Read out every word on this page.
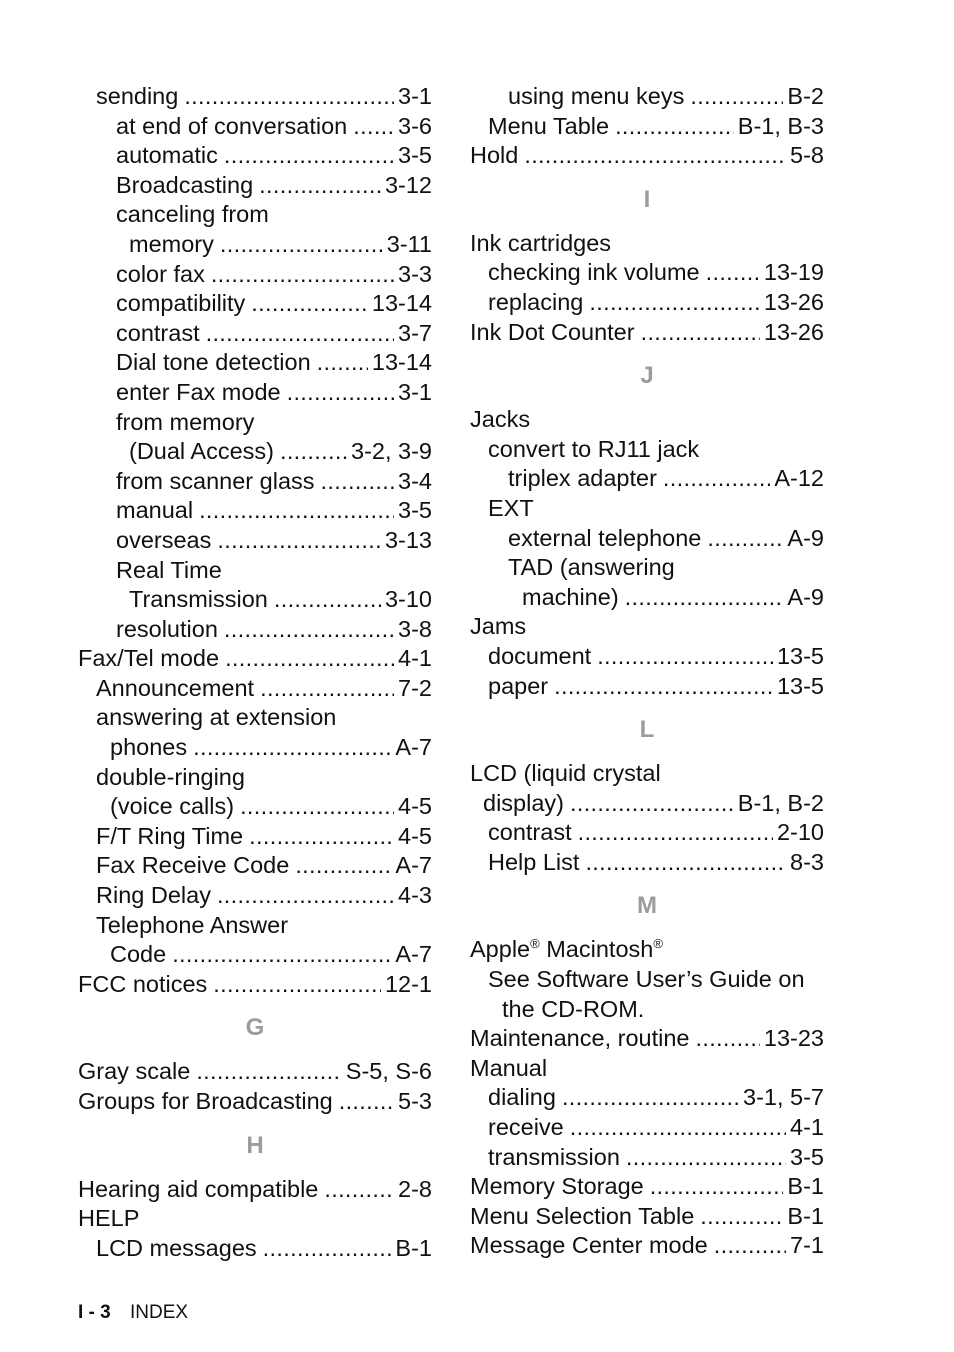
sending . . .	3-1
at end of conversation . . . 3-6
automatic . . .	3-5
Broadcasting . . .	3-12
canceling from
memory . . .	3-11
color fax . . .	3-3
compatibility . . .	13-14
contrast . . .	3-7
Dial tone detection . . .	13-14
enter Fax mode . . .	3-1
from memory
(Dual Access) . . .	3-2, 3-9
from scanner glass . . .	3-4
manual . . .	3-5
overseas . . .	3-13
Real Time
Transmission . . .	3-10
resolution . . .	3-8
Fax/Tel mode . . .	4-1
Announcement . . .	7-2
answering at extension
phones . . .	A-7
double-ringing
(voice calls) . . .	4-5
F/T Ring Time . . .	4-5
Fax Receive Code . . .	A-7
Ring Delay . . .	4-3
Telephone Answer
Code . . .	A-7
FCC notices . . .	12-1
G
Gray scale . . .	S-5, S-6
Groups for Broadcasting . . .	5-3
H
Hearing aid compatible . . .	2-8
HELP
LCD messages . . .	B-1
using menu keys . . .	B-2
Menu Table . . .	B-1, B-3
Hold . . .	5-8
I
Ink cartridges
checking ink volume . . .	13-19
replacing . . .	13-26
Ink Dot Counter . . .	13-26
J
Jacks
convert to RJ11 jack
triplex adapter . . .	A-12
EXT
external telephone . . .	A-9
TAD (answering
machine) . . .	A-9
Jams
document . . .	13-5
paper . . .	13-5
L
LCD (liquid crystal
display) . . .	B-1, B-2
contrast . . .	2-10
Help List . . .	8-3
M
Apple® Macintosh®
See Software User’s Guide on
the CD-ROM.
Maintenance, routine . . .	13-23
Manual
dialing . . .	3-1, 5-7
receive . . .	4-1
transmission . . .	3-5
Memory Storage . . .	B-1
Menu Selection Table . . .	B-1
Message Center mode . . .	7-1
I - 3 INDEX
